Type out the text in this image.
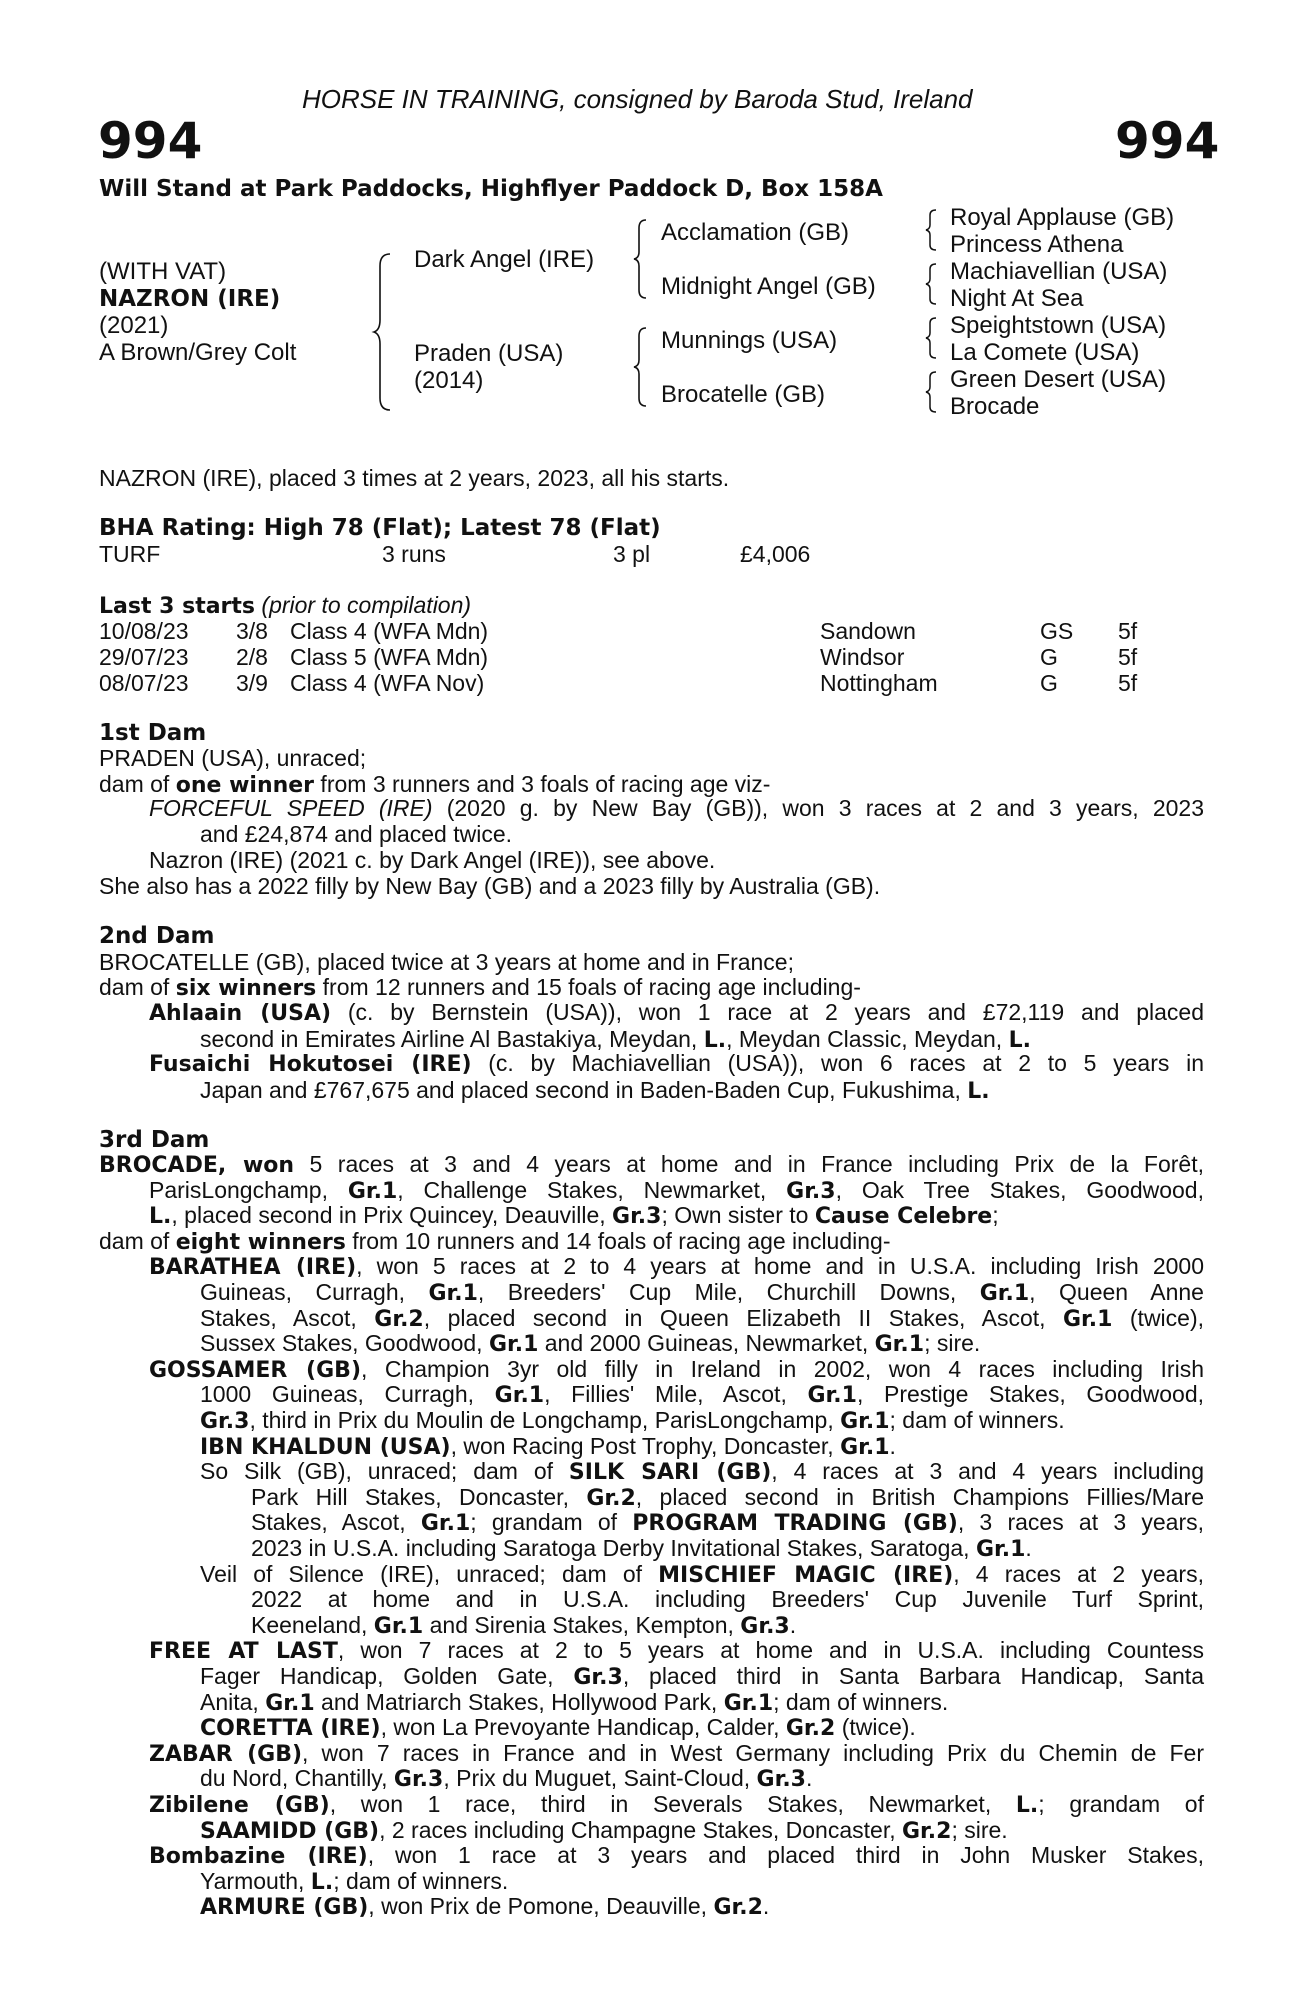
HORSE IN TRAINING, consigned by Baroda Stud, Ireland
994	994
Will Stand at Park Paddocks, Highflyer Paddock D, Box 158A
(WITH VAT)
NAZRON (IRE)
(2021)
A Brown/Grey Colt
Dark Angel (IRE)
Praden (USA)
(2014)
Acclamation (GB)
Midnight Angel (GB)
Munnings (USA)
Brocatelle (GB)
Royal Applause (GB)
Princess Athena
Machiavellian (USA)
Night At Sea
Speightstown (USA)
La Comete (USA)
Green Desert (USA)
Brocade
NAZRON (IRE), placed 3 times at 2 years, 2023, all his starts.
BHA Rating: High 78 (Flat); Latest 78 (Flat)
TURF	3 runs	3 pl	£4,006
Last 3 starts (prior to compilation)
10/08/23 3/8 Class 4 (WFA Mdn)	Sandown	GS 5f
29/07/23 2/8 Class 5 (WFA Mdn)	Windsor	G	5f
08/07/23 3/9 Class 4 (WFA Nov)	Nottingham	G	5f
1st Dam
PRADEN (USA), unraced;
dam of one winner from 3 runners and 3 foals of racing age viz-
FORCEFUL SPEED (IRE) (2020 g. by New Bay (GB)), won 3 races at 2 and 3 years, 2023
and £24,874 and placed twice.
Nazron (IRE) (2021 c. by Dark Angel (IRE)), see above.
She also has a 2022 filly by New Bay (GB) and a 2023 filly by Australia (GB).
2nd Dam
BROCATELLE (GB), placed twice at 3 years at home and in France;
dam of six winners from 12 runners and 15 foals of racing age including-
Ahlaain (USA) (c. by Bernstein (USA)), won 1 race at 2 years and £72,119 and placed
second in Emirates Airline Al Bastakiya, Meydan, L., Meydan Classic, Meydan, L.
Fusaichi Hokutosei (IRE) (c. by Machiavellian (USA)), won 6 races at 2 to 5 years in
Japan and £767,675 and placed second in Baden-Baden Cup, Fukushima, L.
3rd Dam
BROCADE, won 5 races at 3 and 4 years at home and in France including Prix de la Forêt,
ParisLongchamp, Gr.1, Challenge Stakes, Newmarket, Gr.3, Oak Tree Stakes, Goodwood,
L., placed second in Prix Quincey, Deauville, Gr.3; Own sister to Cause Celebre;
dam of eight winners from 10 runners and 14 foals of racing age including-
BARATHEA (IRE), won 5 races at 2 to 4 years at home and in U.S.A. including Irish 2000
Guineas, Curragh, Gr.1, Breeders' Cup Mile, Churchill Downs, Gr.1, Queen Anne
Stakes, Ascot, Gr.2, placed second in Queen Elizabeth II Stakes, Ascot, Gr.1 (twice),
Sussex Stakes, Goodwood, Gr.1 and 2000 Guineas, Newmarket, Gr.1; sire.
GOSSAMER (GB), Champion 3yr old filly in Ireland in 2002, won 4 races including Irish
1000 Guineas, Curragh, Gr.1, Fillies' Mile, Ascot, Gr.1, Prestige Stakes, Goodwood,
Gr.3, third in Prix du Moulin de Longchamp, ParisLongchamp, Gr.1; dam of winners.
IBN KHALDUN (USA), won Racing Post Trophy, Doncaster, Gr.1.
So Silk (GB), unraced; dam of SILK SARI (GB), 4 races at 3 and 4 years including
Park Hill Stakes, Doncaster, Gr.2, placed second in British Champions Fillies/Mare
Stakes, Ascot, Gr.1; grandam of PROGRAM TRADING (GB), 3 races at 3 years,
2023 in U.S.A. including Saratoga Derby Invitational Stakes, Saratoga, Gr.1.
Veil of Silence (IRE), unraced; dam of MISCHIEF MAGIC (IRE), 4 races at 2 years,
2022 at home and in U.S.A. including Breeders' Cup Juvenile Turf Sprint,
Keeneland, Gr.1 and Sirenia Stakes, Kempton, Gr.3.
FREE AT LAST, won 7 races at 2 to 5 years at home and in U.S.A. including Countess
Fager Handicap, Golden Gate, Gr.3, placed third in Santa Barbara Handicap, Santa
Anita, Gr.1 and Matriarch Stakes, Hollywood Park, Gr.1; dam of winners.
CORETTA (IRE), won La Prevoyante Handicap, Calder, Gr.2 (twice).
ZABAR (GB), won 7 races in France and in West Germany including Prix du Chemin de Fer
du Nord, Chantilly, Gr.3, Prix du Muguet, Saint-Cloud, Gr.3.
Zibilene (GB), won 1 race, third in Severals Stakes, Newmarket, L.; grandam of
SAAMIDD (GB), 2 races including Champagne Stakes, Doncaster, Gr.2; sire.
Bombazine (IRE), won 1 race at 3 years and placed third in John Musker Stakes,
Yarmouth, L.; dam of winners.
ARMURE (GB), won Prix de Pomone, Deauville, Gr.2.
